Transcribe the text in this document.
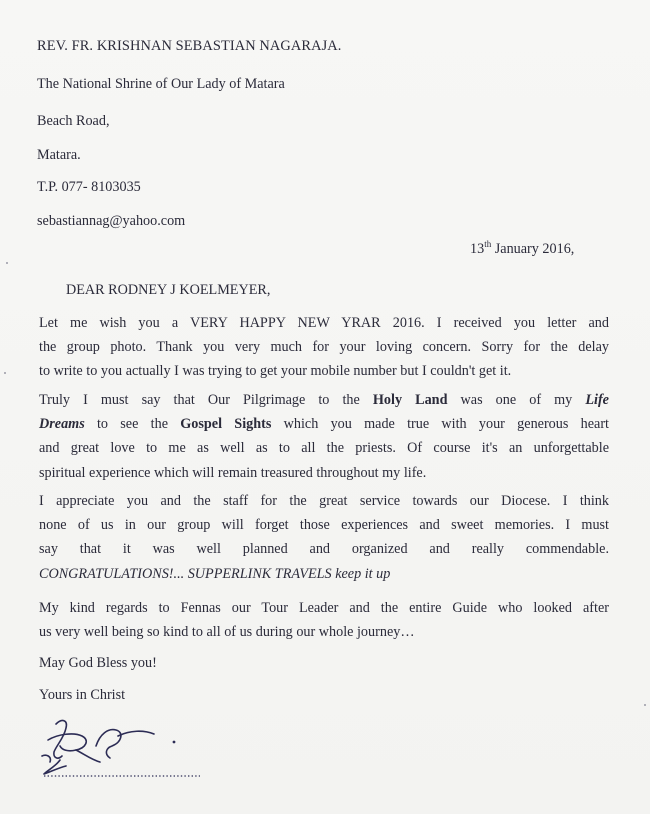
REV. FR. KRISHNAN SEBASTIAN NAGARAJA.
The National Shrine of Our Lady of Matara
Beach Road,
Matara.
T.P. 077- 8103035
sebastiannag@yahoo.com
13th January 2016,
DEAR RODNEY J KOELMEYER,
Let me wish you a VERY HAPPY NEW YRAR 2016. I received you letter and
the group photo. Thank you very much for your loving concern. Sorry for the delay
to write to you actually I was trying to get your mobile number but I couldn't get it.
Truly I must say that Our Pilgrimage to the Holy Land was one of my Life
Dreams to see the Gospel Sights which you made true with your generous heart
and great love to me as well as to all the priests. Of course it's an unforgettable
spiritual experience which will remain treasured throughout my life.
I appreciate you and the staff for the great service towards our Diocese. I think
none of us in our group will forget those experiences and sweet memories. I must
say that it was well planned and organized and really commendable.
CONGRATULATIONS!... SUPPERLINK TRAVELS keep it up
My kind regards to Fennas our Tour Leader and the entire Guide who looked after
us very well being so kind to all of us during our whole journey…
May God Bless you!
Yours in Christ
